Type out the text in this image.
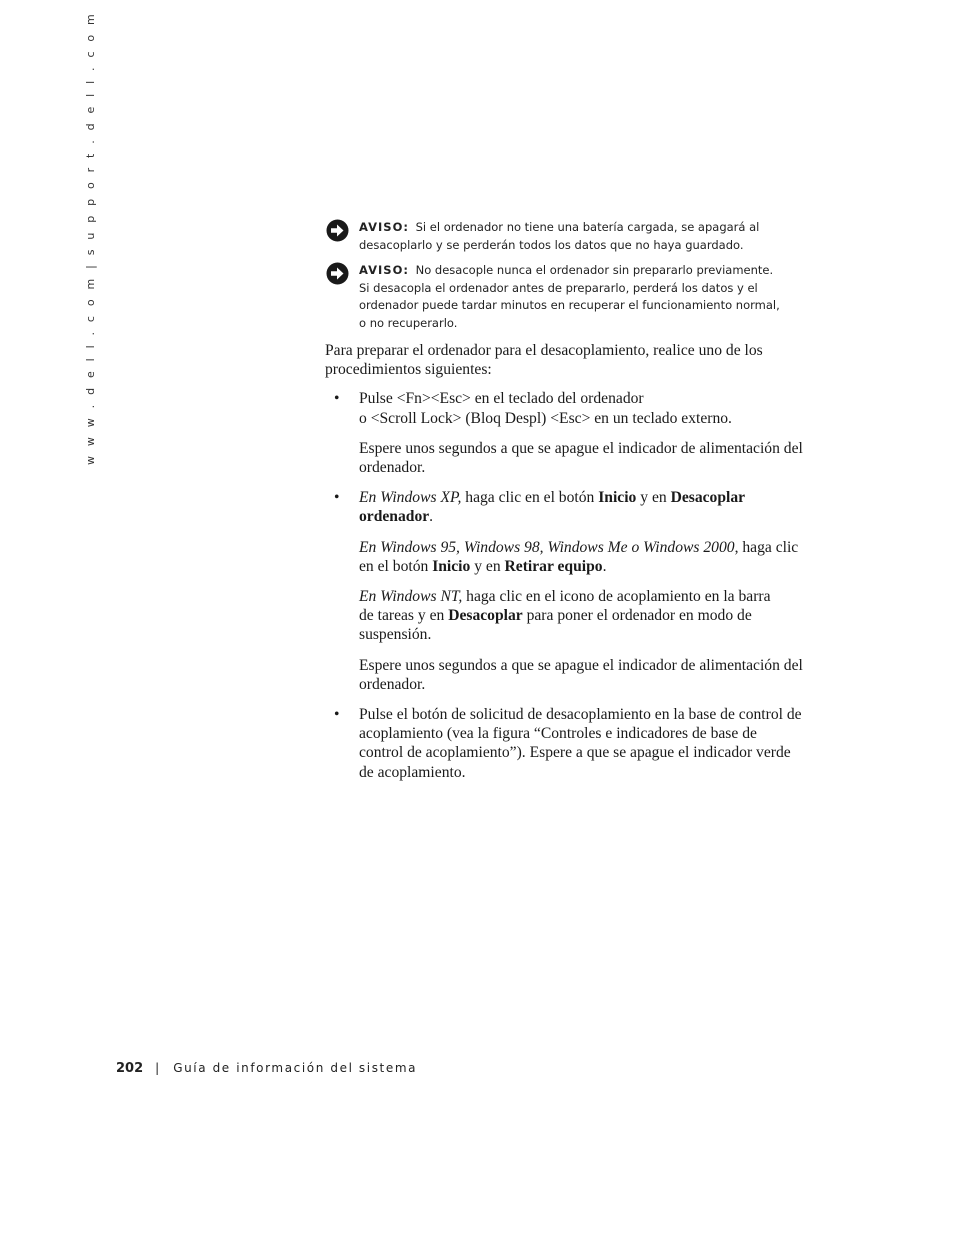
w w w . d e l l . c o m | s u p p o r t . d e l l . c o m	AVISO: Si el ordenador no tiene una batería cargada, se apagará al
desacoplarlo y se perderán todos los datos que no haya guardado.
AVISO: No desacople nunca el ordenador sin prepararlo previamente.
Si desacopla el ordenador antes de prepararlo, perderá los datos y el
ordenador puede tardar minutos en recuperar el funcionamiento normal,
o no recuperarlo.

Para preparar el ordenador para el desacoplamiento, realice uno de los
procedimientos siguientes:

• Pulse <Fn><Esc> en el teclado del ordenador
o <Scroll Lock> (Bloq Despl) <Esc> en un teclado externo.

Espere unos segundos a que se apague el indicador de alimentación del
ordenador.

• En Windows XP, haga clic en el botón Inicio y en Desacoplar
ordenador.

En Windows 95, Windows 98, Windows Me o Windows 2000, haga clic
en el botón Inicio y en Retirar equipo.

En Windows NT, haga clic en el icono de acoplamiento en la barra
de tareas y en Desacoplar para poner el ordenador en modo de
suspensión.

Espere unos segundos a que se apague el indicador de alimentación del
ordenador.

• Pulse el botón de solicitud de desacoplamiento en la base de control de
acoplamiento (vea la figura “Controles e indicadores de base de
control de acoplamiento”). Espere a que se apague el indicador verde
de acoplamiento.

202 | Guía de información del sistema
